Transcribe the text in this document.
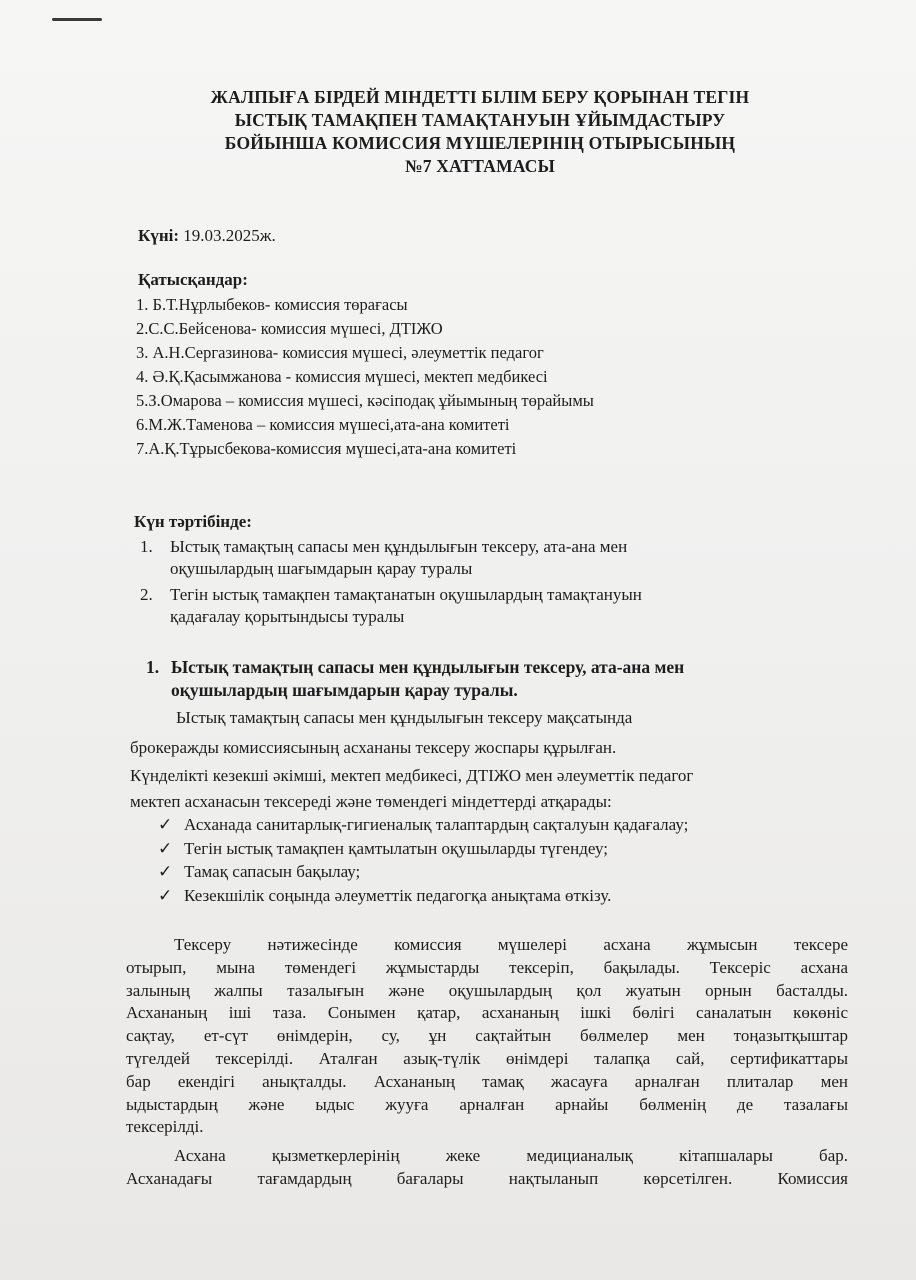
ЖАЛПЫҒА БІРДЕЙ МІНДЕТТІ БІЛІМ БЕРУ ҚОРЫНАН ТЕГІН
ЫСТЫҚ ТАМАҚПЕН ТАМАҚТАНУЫН ҰЙЫМДАСТЫРУ
БОЙЫНША КОМИССИЯ МҮШЕЛЕРІНІҢ ОТЫРЫСЫНЫҢ
№7 ХАТТАМАСЫ
Күні: 19.03.2025ж.
Қатысқандар:
1. Б.Т.Нұрлыбеков- комиссия төрағасы
2.С.С.Бейсенова- комиссия мүшесі, ДТІЖО
3. А.Н.Сергазинова- комиссия мүшесі, әлеуметтік педагог
4. Ә.Қ.Қасымжанова - комиссия мүшесі, мектеп медбикесі
5.З.Омарова – комиссия мүшесі, кәсіподақ ұйымының төрайымы
6.М.Ж.Таменова – комиссия мүшесі,ата-ана комитеті
7.А.Қ.Тұрысбекова-комиссия мүшесі,ата-ана комитеті
Күн тәртібінде:
1. Ыстық тамақтың сапасы мен құндылығын тексеру, ата-ана мен
оқушылардың шағымдарын қарау туралы
2. Тегін ыстық тамақпен тамақтанатын оқушылардың тамақтануын
қадағалау қорытындысы туралы
1. Ыстық тамақтың сапасы мен құндылығын тексеру, ата-ана мен
оқушылардың шағымдарын қарау туралы.
Ыстық тамақтың сапасы мен құндылығын тексеру мақсатында
брокеражды комиссиясының асхананы тексеру жоспары құрылған.
Күнделікті кезекші әкімші, мектеп медбикесі, ДТІЖО мен әлеуметтік педагог
мектеп асханасын тексереді және төмендегі міндеттерді атқарады:
✓ Асханада санитарлық-гигиеналық талаптардың сақталуын қадағалау;
✓ Тегін ыстық тамақпен қамтылатын оқушыларды түгендеу;
✓ Тамақ сапасын бақылау;
✓ Кезекшілік соңында әлеуметтік педагогқа анықтама өткізу.
Тексеру нәтижесінде комиссия мүшелері асхана жұмысын тексере
отырып, мына төмендегі жұмыстарды тексеріп, бақылады. Тексеріс асхана
залының жалпы тазалығын және оқушылардың қол жуатын орнын басталды.
Асхананың іші таза. Сонымен қатар, асхананың ішкі бөлігі саналатын көкөніс
сақтау, ет-сүт өнімдерін, су, ұн сақтайтын бөлмелер мен тоңазытқыштар
түгелдей тексерілді. Аталған азық-түлік өнімдері талапқа сай, сертификаттары
бар екендігі анықталды. Асхананың тамақ жасауға арналған плиталар мен
ыдыстардың және ыдыс жууға арналған арнайы бөлменің де тазалағы
тексерілді.
Асхана қызметкерлерінің жеке медицианалық кітапшалары бар.
Асханадағы тағамдардың бағалары нақтыланып көрсетілген. Комиссия
